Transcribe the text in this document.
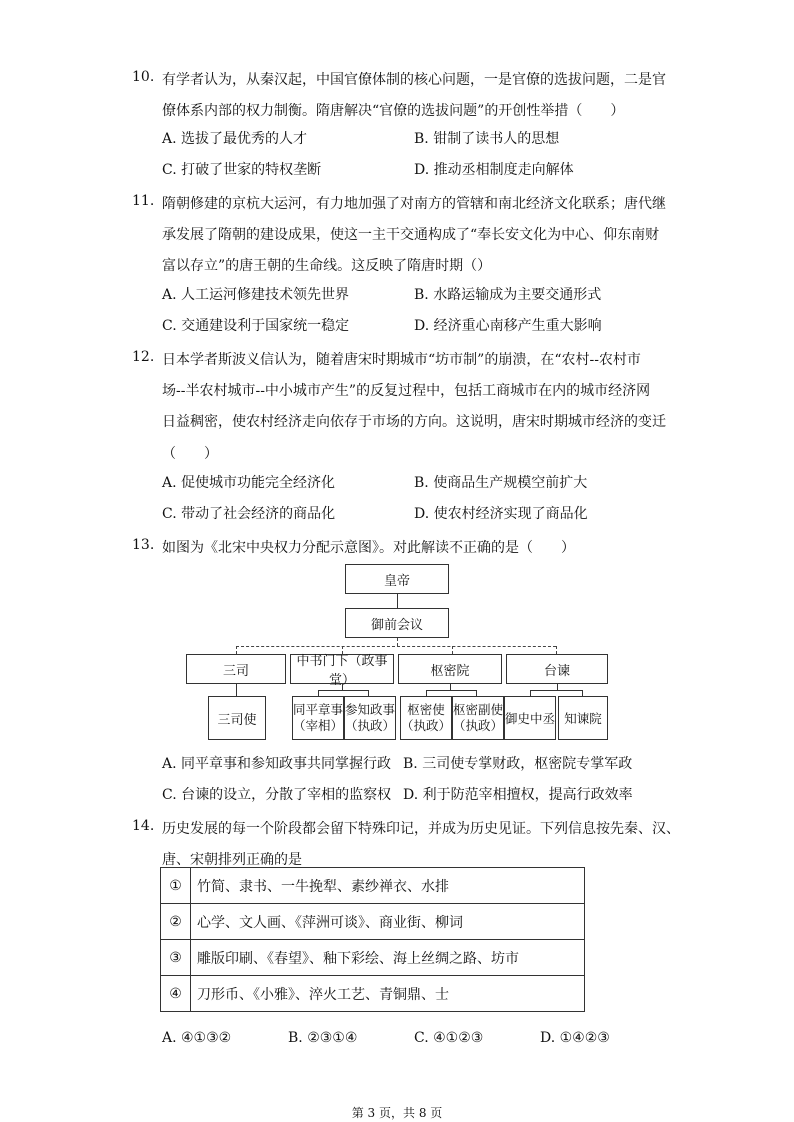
10. 有学者认为，从秦汉起，中国官僚体制的核心问题，一是官僚的选拔问题，二是官
僚体系内部的权力制衡。隋唐解决“官僚的选拔问题”的开创性举措（　　）
A. 选拔了最优秀的人才	B. 钳制了读书人的思想
C. 打破了世家的特权垄断	D. 推动丞相制度走向解体
11. 隋朝修建的京杭大运河，有力地加强了对南方的管辖和南北经济文化联系；唐代继
承发展了隋朝的建设成果，使这一主干交通构成了“奉长安文化为中心、仰东南财
富以存立”的唐王朝的生命线。这反映了隋唐时期（）
A. 人工运河修建技术领先世界	B. 水路运输成为主要交通形式
C. 交通建设利于国家统一稳定	D. 经济重心南移产生重大影响
12. 日本学者斯波义信认为，随着唐宋时期城市“坊市制”的崩溃，在“农村--农村市
场--半农村城市--中小城市产生”的反复过程中，包括工商城市在内的城市经济网
日益稠密，使农村经济走向依存于市场的方向。这说明，唐宋时期城市经济的变迁
（　　）
A. 促使城市功能完全经济化	B. 使商品生产规模空前扩大
C. 带动了社会经济的商品化	D. 使农村经济实现了商品化
13. 如图为《北宋中央权力分配示意图》。对此解读不正确的是（　　）
皇帝
御前会议
三司
中书门下（政事堂）
枢密院	台谏
三司使
同平章事
（宰相）
参知政事
（执政）
枢密使
（执政）
枢密副使
（执政） 御史中丞 知谏院
A. 同平章事和参知政事共同掌握行政 B. 三司使专掌财政，枢密院专掌军政
C. 台谏的设立，分散了宰相的监察权 D. 利于防范宰相擅权，提高行政效率
14. 历史发展的每一个阶段都会留下特殊印记，并成为历史见证。下列信息按先秦、汉、
唐、宋朝排列正确的是
①	竹简、隶书、一牛挽犁、素纱禅衣、水排
②	心学、文人画、《萍洲可谈》、商业街、柳词
③	雕版印刷、《春望》、釉下彩绘、海上丝绸之路、坊市
④	刀形币、《小雅》、淬火工艺、青铜鼎、士
A. ④①③②	B. ②③①④	C. ④①②③	D. ①④②③
第 3 页，共 8 页
